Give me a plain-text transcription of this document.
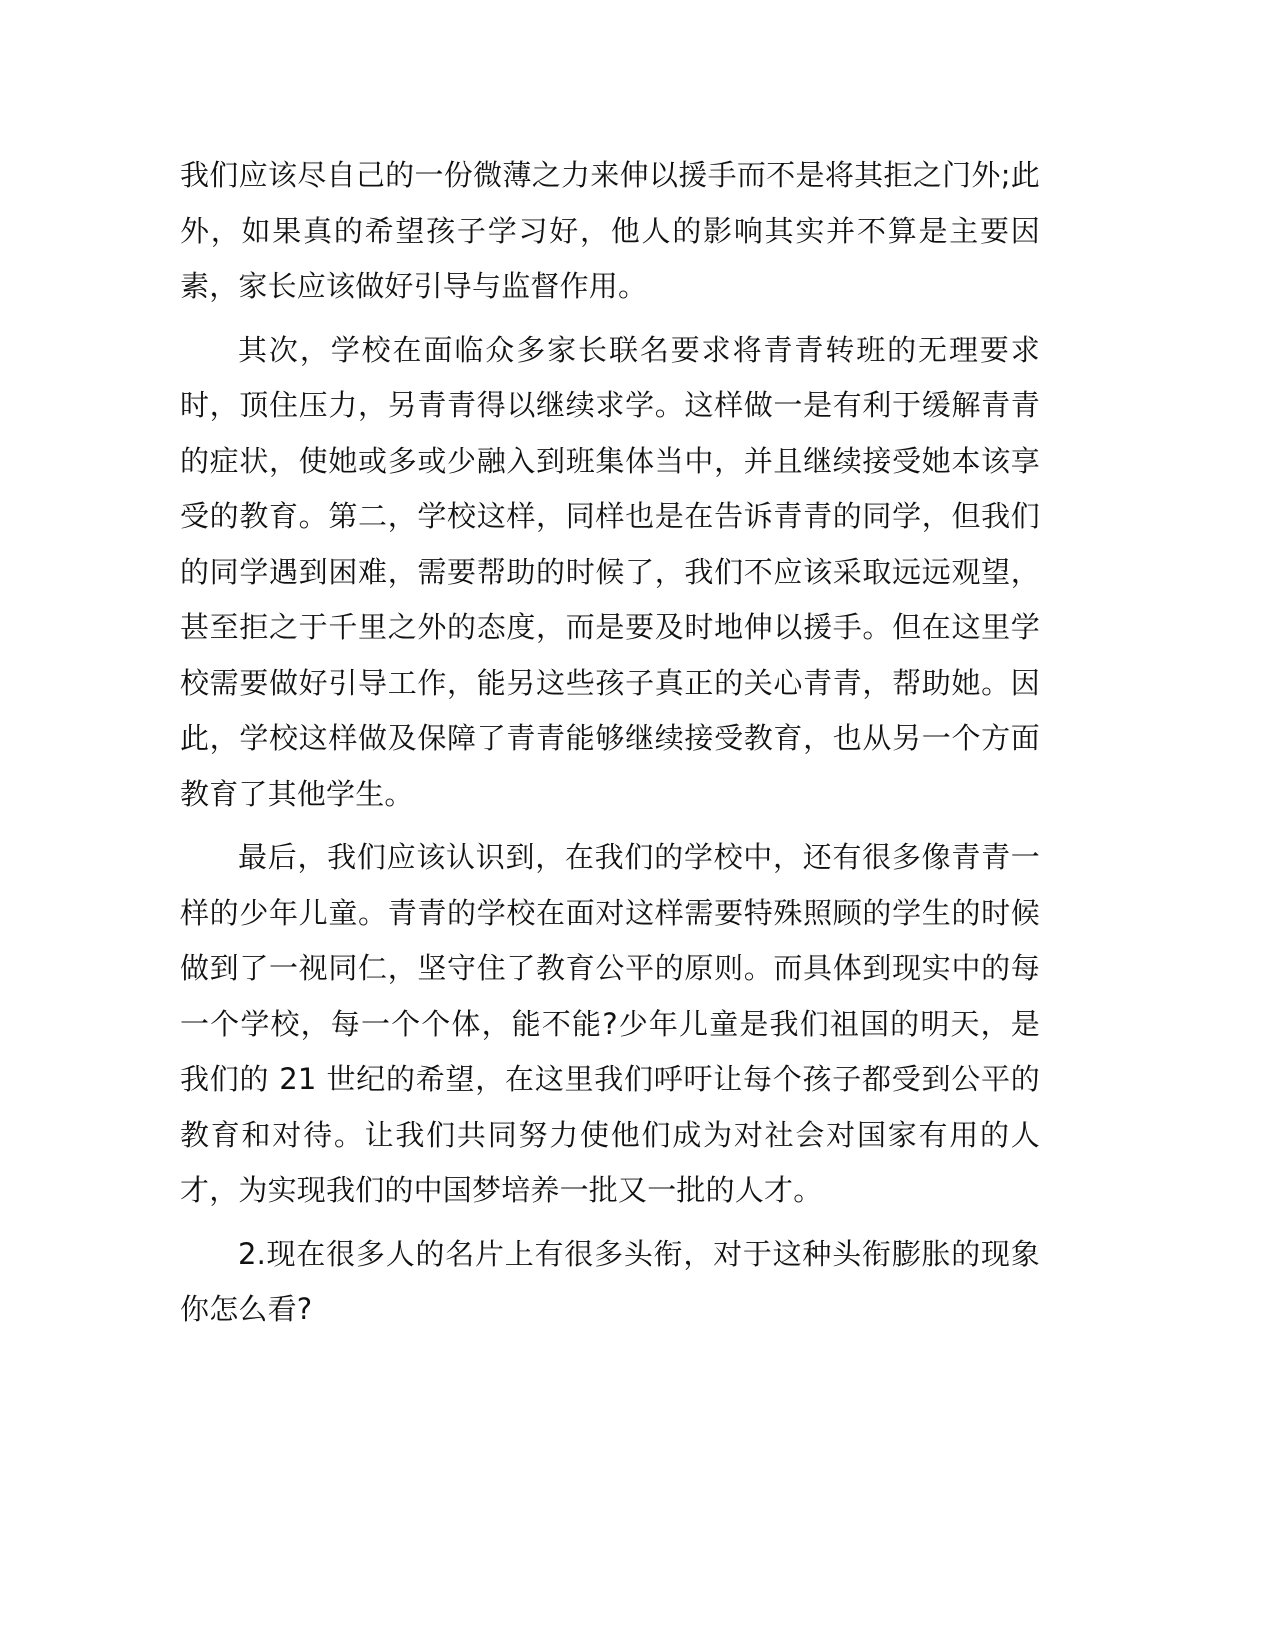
我们应该尽自己的一份微薄之力来伸以援手而不是将其拒之门外;此外，如果真的希望孩子学习好，他人的影响其实并不算是主要因素，家长应该做好引导与监督作用。

其次，学校在面临众多家长联名要求将青青转班的无理要求时，顶住压力，另青青得以继续求学。这样做一是有利于缓解青青的症状，使她或多或少融入到班集体当中，并且继续接受她本该享受的教育。第二，学校这样，同样也是在告诉青青的同学，但我们的同学遇到困难，需要帮助的时候了，我们不应该采取远远观望，甚至拒之于千里之外的态度，而是要及时地伸以援手。但在这里学校需要做好引导工作，能另这些孩子真正的关心青青，帮助她。因此，学校这样做及保障了青青能够继续接受教育，也从另一个方面教育了其他学生。

最后，我们应该认识到，在我们的学校中，还有很多像青青一样的少年儿童。青青的学校在面对这样需要特殊照顾的学生的时候做到了一视同仁，坚守住了教育公平的原则。而具体到现实中的每一个学校，每一个个体，能不能?少年儿童是我们祖国的明天，是我们的 21 世纪的希望，在这里我们呼吁让每个孩子都受到公平的教育和对待。让我们共同努力使他们成为对社会对国家有用的人才，为实现我们的中国梦培养一批又一批的人才。

2.现在很多人的名片上有很多头衔，对于这种头衔膨胀的现象你怎么看?
